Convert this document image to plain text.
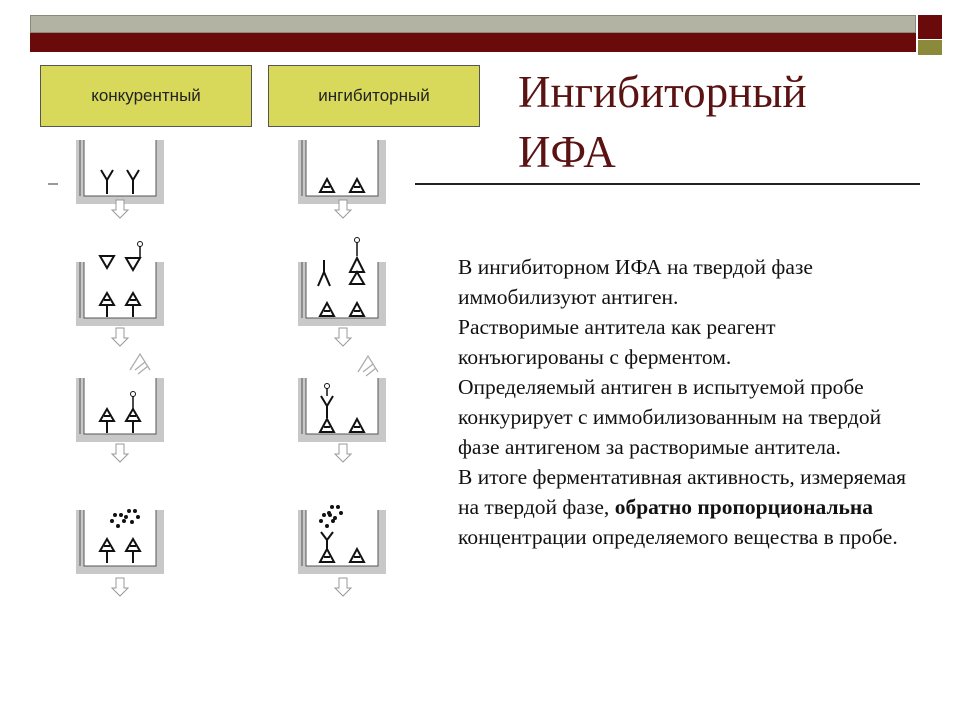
конкурентный	ингибиторный Ингибиторный
ИФА

В ингибиторном ИФА на твердой фазе иммобилизуют антиген.

Растворимые антитела как реагент конъюгированы с ферментом.

Определяемый антиген в испытуемой пробе конкурирует с иммобилизованным на твердой фазе антигеном за растворимые антитела.

В итоге ферментативная активность, измеряемая на твердой фазе, обратно пропорциональна концентрации определяемого вещества в пробе.
